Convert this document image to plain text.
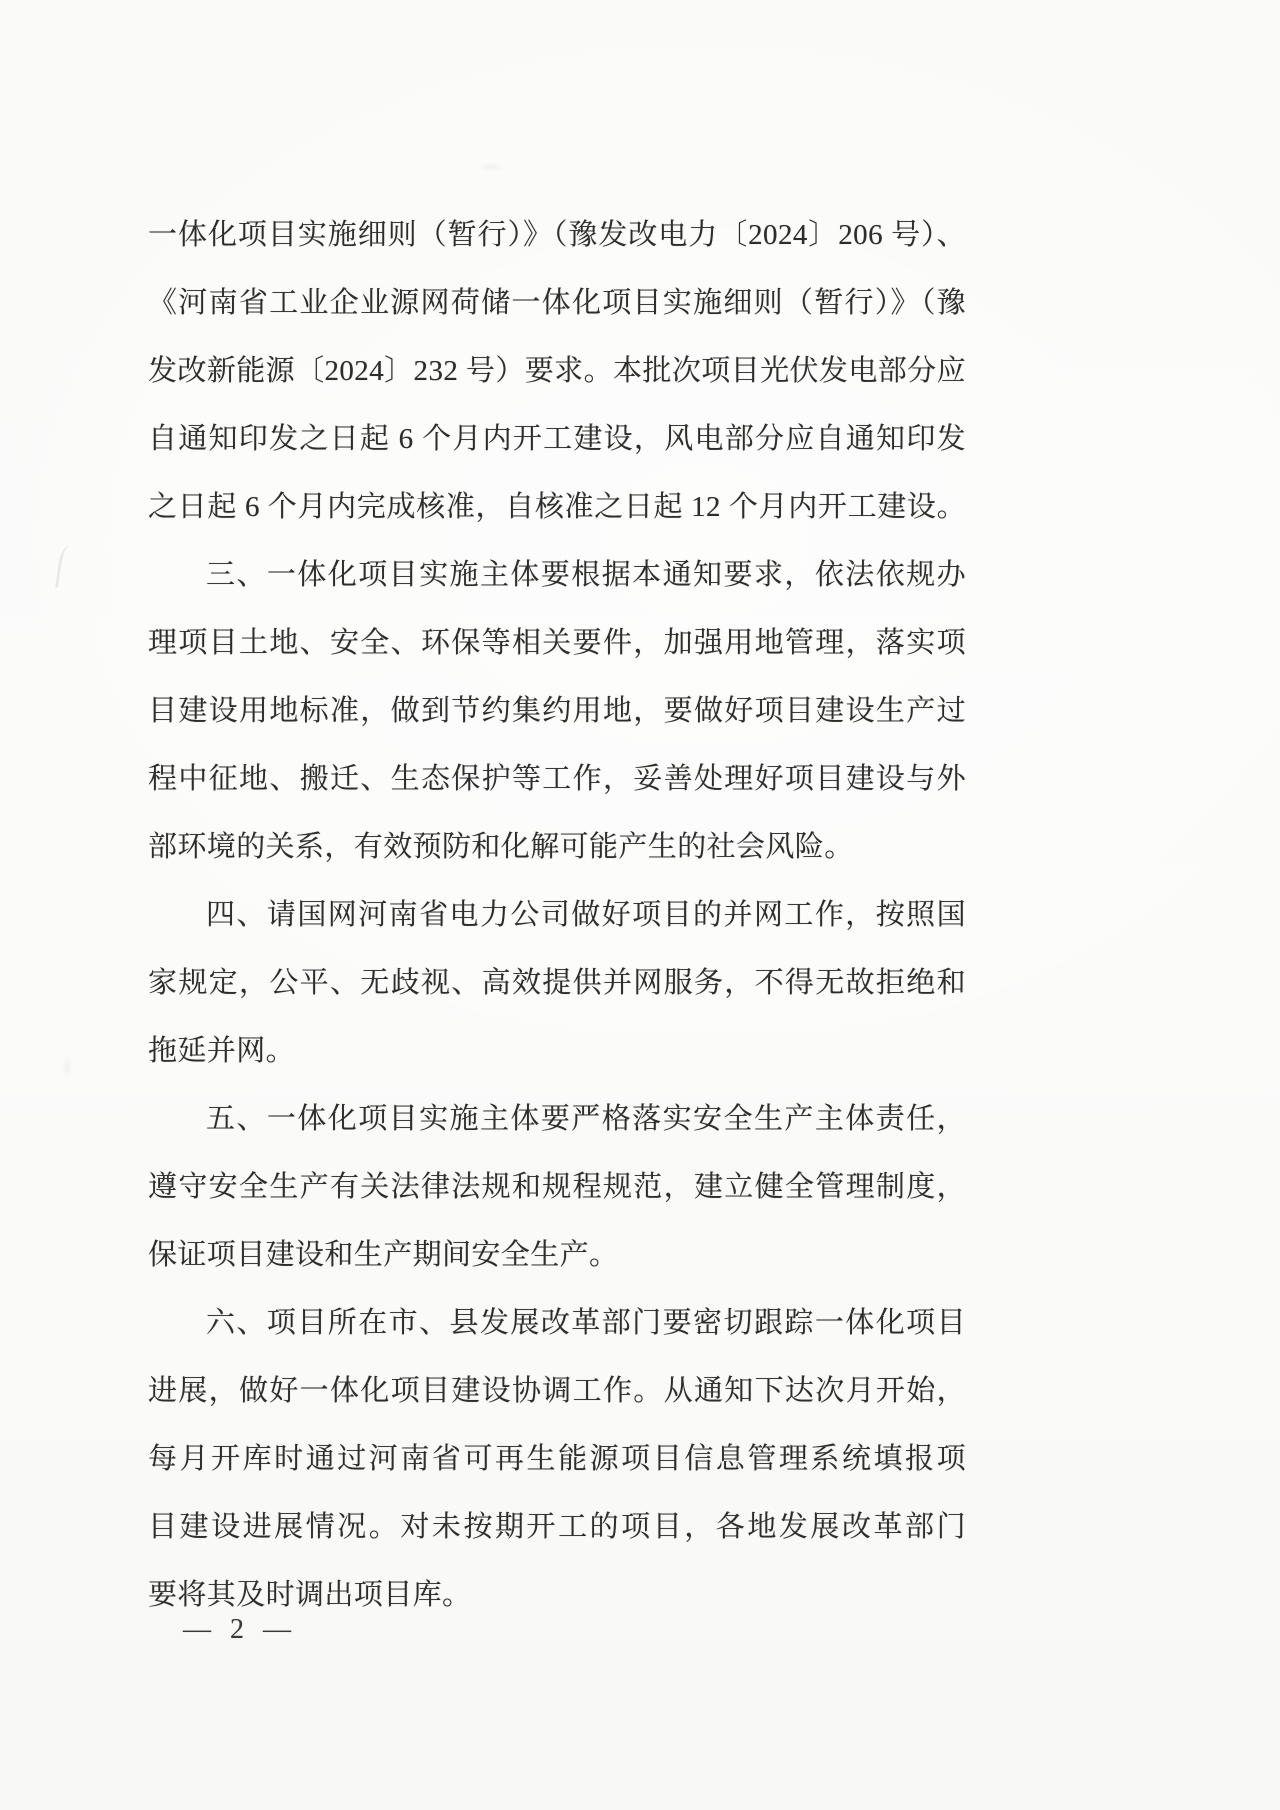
一体化项目实施细则（暂行）》（豫发改电力〔2024〕206 号）、
《河南省工业企业源网荷储一体化项目实施细则（暂行）》（豫
发改新能源〔2024〕232 号）要求。本批次项目光伏发电部分应
自通知印发之日起 6 个月内开工建设，风电部分应自通知印发
之日起 6 个月内完成核准，自核准之日起 12 个月内开工建设。
三、一体化项目实施主体要根据本通知要求，依法依规办
理项目土地、安全、环保等相关要件，加强用地管理，落实项
目建设用地标准，做到节约集约用地，要做好项目建设生产过
程中征地、搬迁、生态保护等工作，妥善处理好项目建设与外
部环境的关系，有效预防和化解可能产生的社会风险。
四、请国网河南省电力公司做好项目的并网工作，按照国
家规定，公平、无歧视、高效提供并网服务，不得无故拒绝和
拖延并网。
五、一体化项目实施主体要严格落实安全生产主体责任，
遵守安全生产有关法律法规和规程规范，建立健全管理制度，
保证项目建设和生产期间安全生产。
六、项目所在市、县发展改革部门要密切跟踪一体化项目
进展，做好一体化项目建设协调工作。从通知下达次月开始，
每月开库时通过河南省可再生能源项目信息管理系统填报项
目建设进展情况。对未按期开工的项目，各地发展改革部门
要将其及时调出项目库。
— 2 —
